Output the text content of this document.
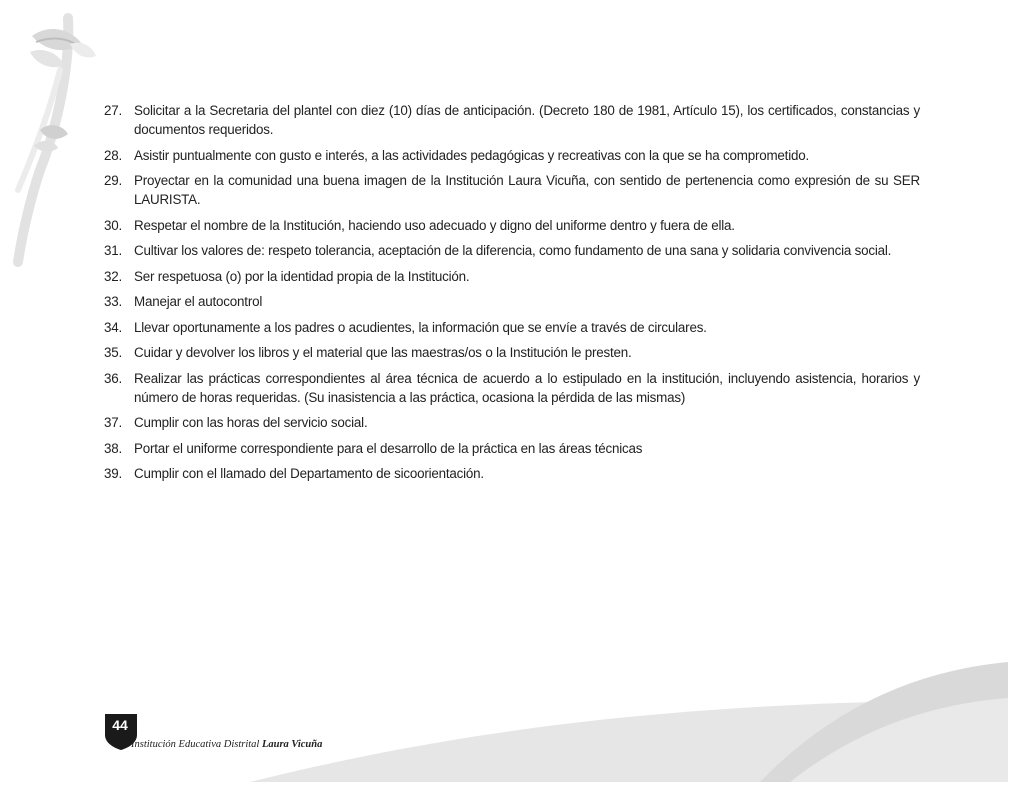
27. Solicitar a la Secretaria del plantel con diez (10) días de anticipación. (Decreto 180 de 1981, Artículo 15), los certificados, constancias y documentos requeridos.
28. Asistir puntualmente con gusto e interés, a las actividades pedagógicas y recreativas con la que se ha comprometido.
29. Proyectar en la comunidad una buena imagen de la Institución Laura Vicuña, con sentido de pertenencia como expresión de su SER LAURISTA.
30. Respetar el nombre de la Institución, haciendo uso adecuado y digno del uniforme dentro y fuera de ella.
31. Cultivar los valores de: respeto tolerancia, aceptación de la diferencia, como fundamento de una sana y solidaria convivencia social.
32. Ser respetuosa (o) por la identidad propia de la Institución.
33. Manejar el autocontrol
34. Llevar oportunamente a los padres o acudientes, la información que se envíe a través de circulares.
35. Cuidar y devolver los libros y el material que las maestras/os o la Institución le presten.
36. Realizar las prácticas correspondientes al área técnica de acuerdo a lo estipulado en la institución, incluyendo asistencia, horarios y número de horas requeridas. (Su inasistencia a las práctica, ocasiona la pérdida de las mismas)
37. Cumplir con las horas del servicio social.
38. Portar el uniforme correspondiente para el desarrollo de la práctica en las áreas técnicas
39. Cumplir con el llamado del Departamento de sicoorientación.
44
Institución Educativa Distrital Laura Vicuña
